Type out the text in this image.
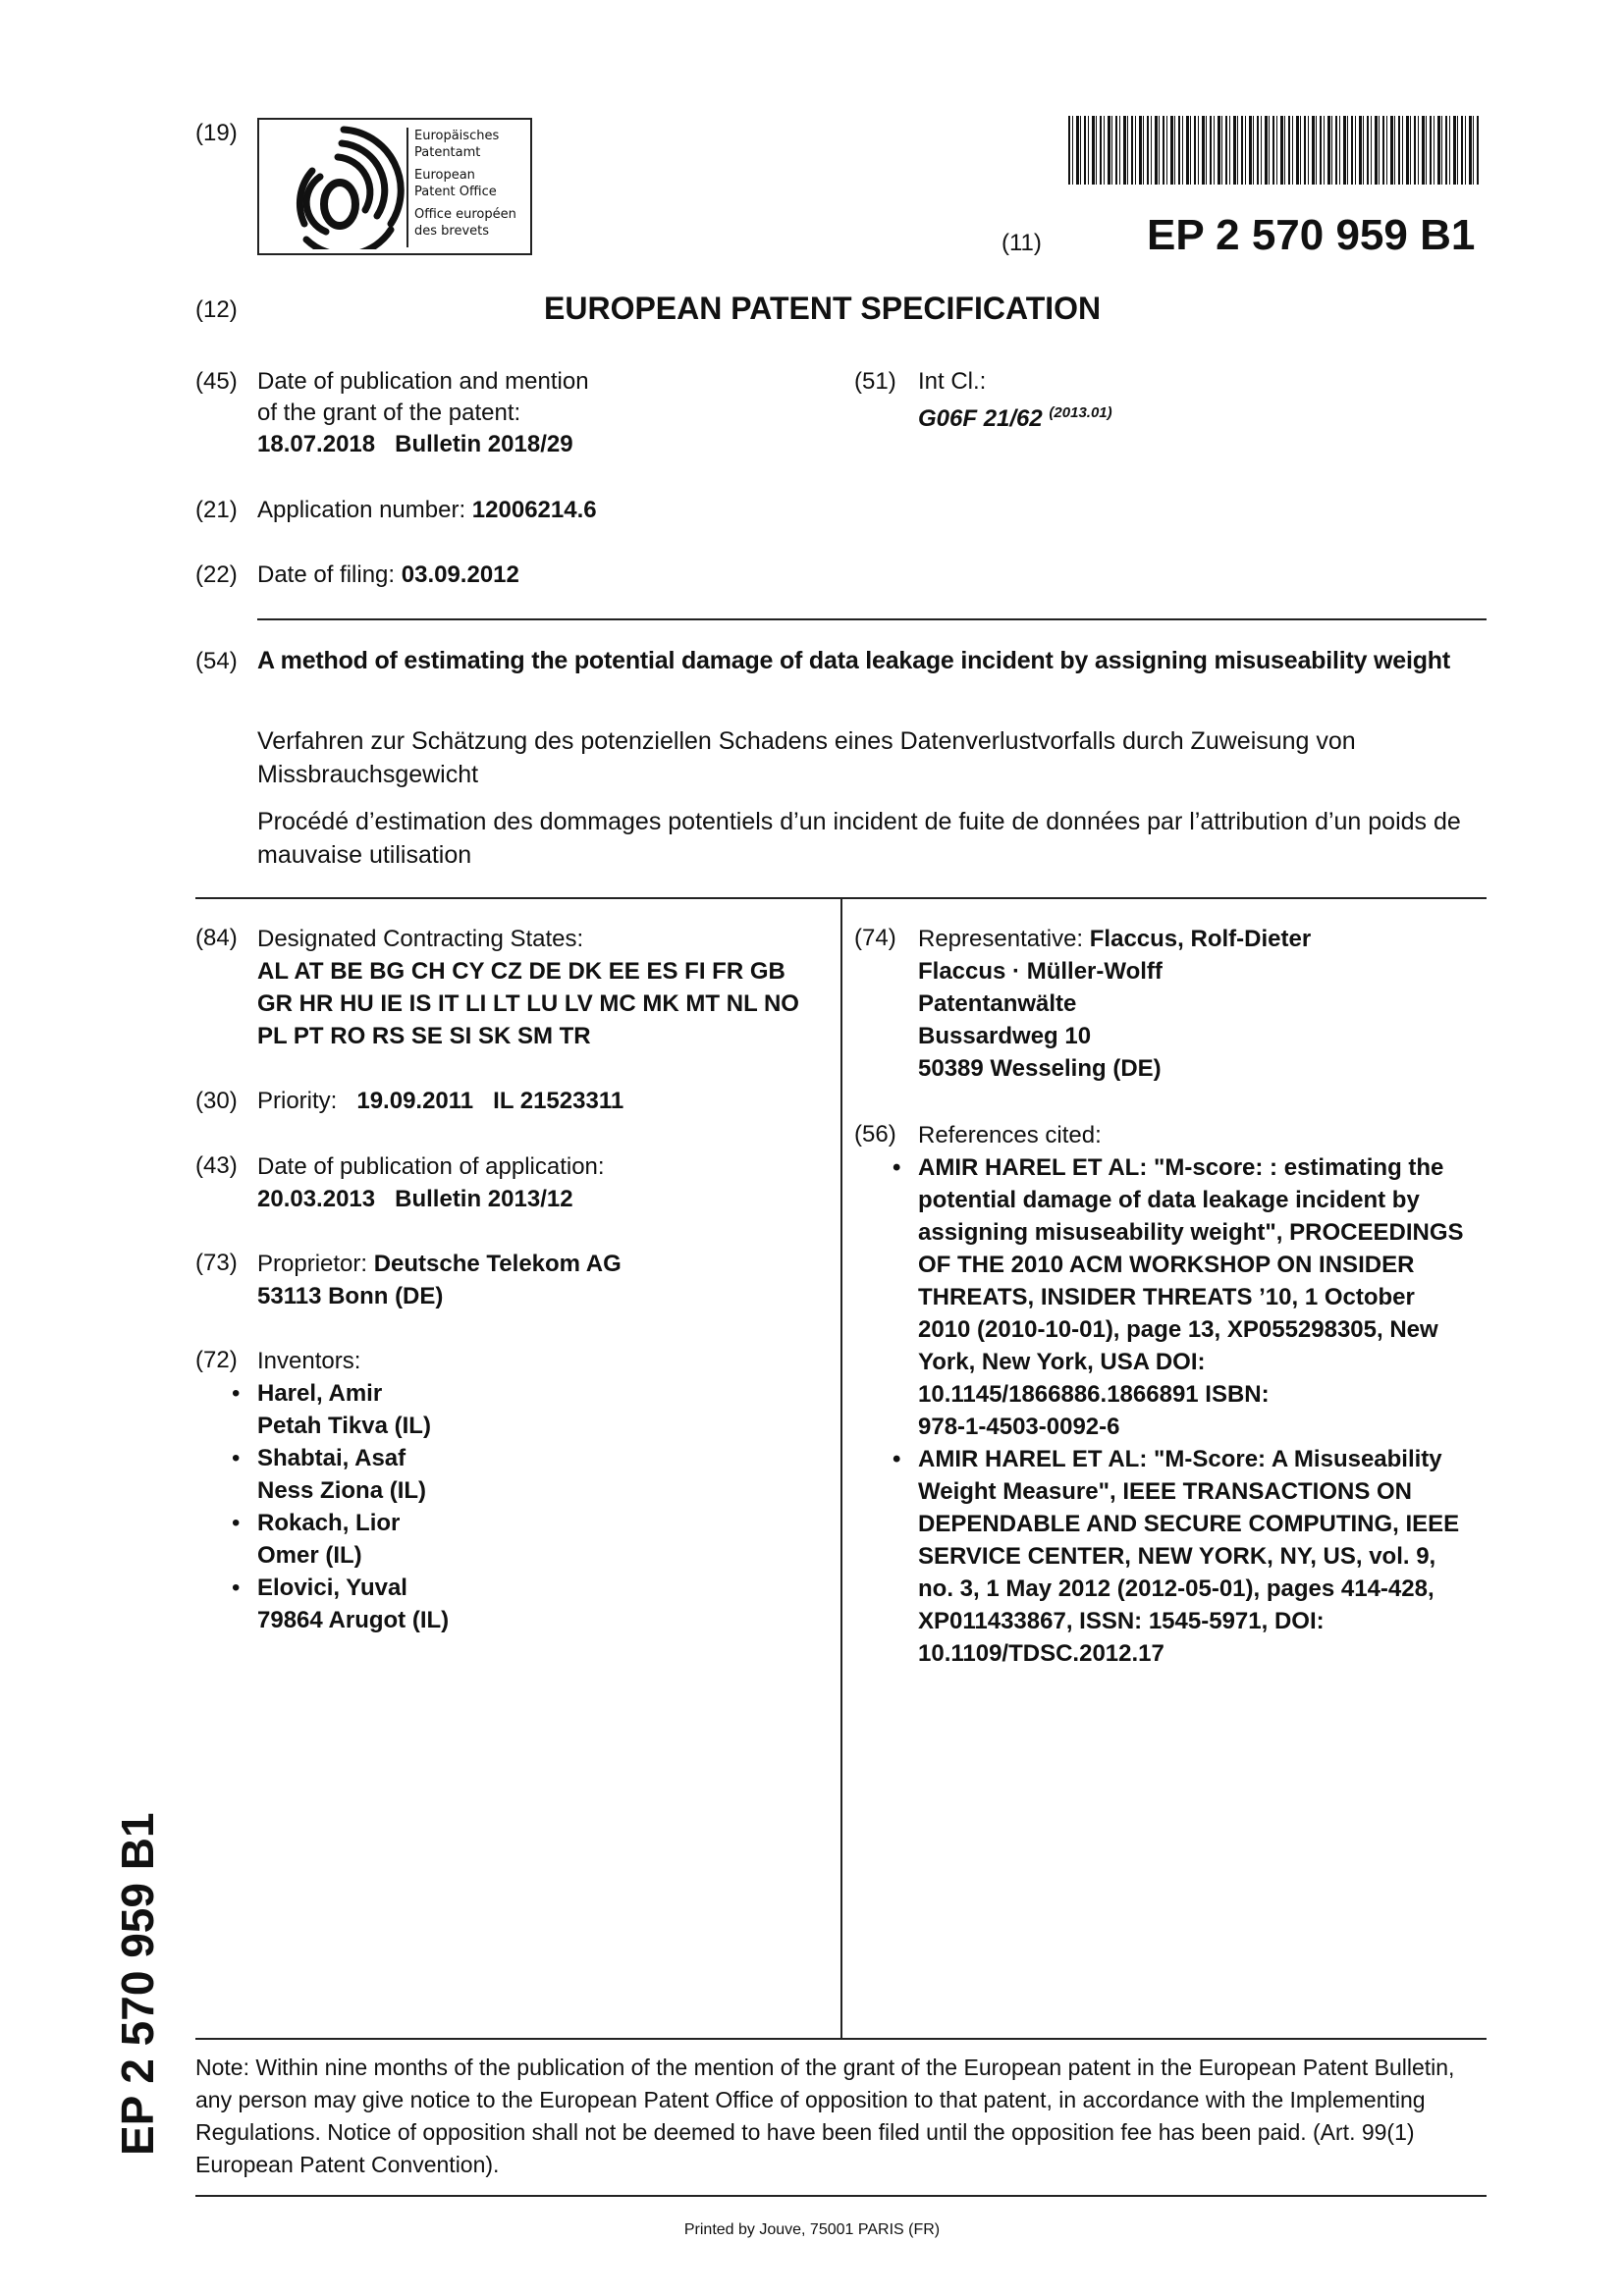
(19)	Europäisches
Patentamt
European
Patent Office
Office européen
des brevets	(11) EP 2 570 959 B1
(12)	EUROPEAN PATENT SPECIFICATION
(45) Date of publication and mention
of the grant of the patent:
18.07.2018 Bulletin 2018/29
(51) Int Cl.:
G06F 21/62 $^{(2013.01)}$
(21) Application number: 12006214.6
(22) Date of filing: 03.09.2012
(54) A method of estimating the potential damage of data leakage incident by assigning misuseability weight
Verfahren zur Schätzung des potenziellen Schadens eines Datenverlustvorfalls durch Zuweisung von Missbrauchsgewicht
Procédé d’estimation des dommages potentiels d’un incident de fuite de données par l’attribution d’un poids de mauvaise utilisation
(84) Designated Contracting States:
AL AT BE BG CH CY CZ DE DK EE ES FI FR GB
GR HR HU IE IS IT LI LT LU LV MC MK MT NL NO
PL PT RO RS SE SI SK SM TR
(30) Priority: 19.09.2011 IL 21523311
(43) Date of publication of application:
20.03.2013 Bulletin 2013/12
(73) Proprietor: Deutsche Telekom AG
53113 Bonn (DE)
(72) Inventors:
• Harel, Amir
Petah Tikva (IL)
• Shabtai, Asaf
Ness Ziona (IL)
• Rokach, Lior
Omer (IL)
• Elovici, Yuval
79864 Arugot (IL)
(74) Representative: Flaccus, Rolf-Dieter
Flaccus · Müller-Wolff
Patentanwälte
Bussardweg 10
50389 Wesseling (DE)
(56) References cited:
• AMIR HAREL ET AL: "M-score: : estimating the
potential damage of data leakage incident by
assigning misuseability weight", PROCEEDINGS
OF THE 2010 ACM WORKSHOP ON INSIDER
THREATS, INSIDER THREATS ’10, 1 October
2010 (2010-10-01), page 13, XP055298305, New
York, New York, USA DOI:
10.1145/1866886.1866891 ISBN:
978-1-4503-0092-6
• AMIR HAREL ET AL: "M-Score: A Misuseability
Weight Measure", IEEE TRANSACTIONS ON
DEPENDABLE AND SECURE COMPUTING, IEEE
SERVICE CENTER, NEW YORK, NY, US, vol. 9,
no. 3, 1 May 2012 (2012-05-01), pages 414-428,
XP011433867, ISSN: 1545-5971, DOI:
10.1109/TDSC.2012.17
EP 2 570 959 B1 Note: Within nine months of the publication of the mention of the grant of the European patent in the European Patent Bulletin, any person may give notice to the European Patent Office of opposition to that patent, in accordance with the Implementing Regulations. Notice of opposition shall not be deemed to have been filed until the opposition fee has been paid. (Art. 99(1) European Patent Convention).
Printed by Jouve, 75001 PARIS (FR)
